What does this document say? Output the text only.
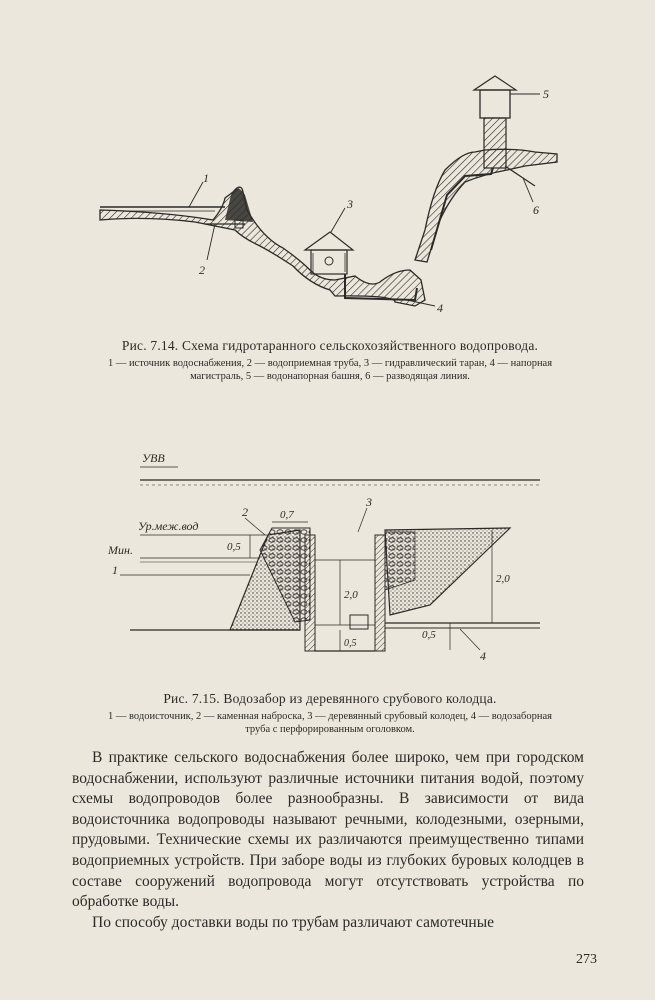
1
2
3
4
5
6
Рис. 7.14. Схема гидротаранного сельскохозяйственного водопровода.
1 — источник водоснабжения, 2 — водоприемная труба, 3 — гидравлический таран, 4 — напорная магистраль, 5 — водонапорная башня, 6 — разводящая линия.
УВВ
Ур.меж.вод
Мин.
1
2
3
4
0,7
0,5
2,0
2,0
0,5
0,5
Рис. 7.15. Водозабор из деревянного срубового колодца.
1 — водоисточник, 2 — каменная наброска, 3 — деревянный срубовый колодец, 4 — водозаборная труба с перфорированным оголовком.

В практике сельского водоснабжения более широко, чем при городском водоснабжении, используют различные источники питания водой, поэтому схемы водопроводов более разнообразны. В зависимости от вида водоисточника водопроводы называют речными, колодезными, озерными, прудовыми. Технические схемы их различаются преимущественно типами водоприемных устройств. При заборе воды из глубоких буровых колодцев в составе сооружений водопровода могут отсутствовать устройства по обработке воды.

По способу доставки воды по трубам различают самотечные

273
